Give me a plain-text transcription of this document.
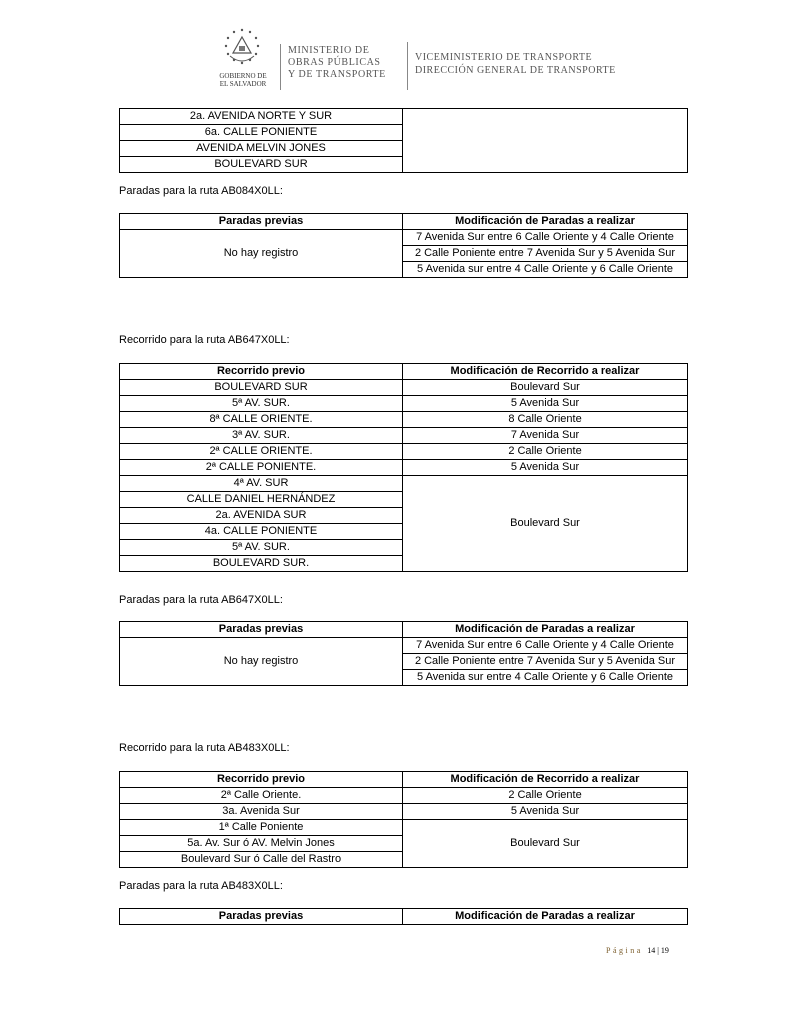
GOBIERNO DE
EL SALVADOR
MINISTERIO DE
OBRAS PÚBLICAS
Y DE TRANSPORTE
VICEMINISTERIO DE TRANSPORTE
DIRECCIÓN GENERAL DE TRANSPORTE
2a. AVENIDA NORTE Y SUR	
6a. CALLE PONIENTE
AVENIDA MELVIN JONES
BOULEVARD SUR
Paradas para la ruta AB084X0LL:
Paradas previas	Modificación de Paradas a realizar
No hay registro	7 Avenida Sur entre 6 Calle Oriente y 4 Calle Oriente
	2 Calle Poniente entre 7 Avenida Sur y 5 Avenida Sur
	5 Avenida sur entre 4 Calle Oriente y 6 Calle Oriente
Recorrido para la ruta AB647X0LL:
Recorrido previo	Modificación de Recorrido a realizar
BOULEVARD SUR	Boulevard Sur
5ª AV. SUR.	5 Avenida Sur
8ª CALLE ORIENTE.	8 Calle Oriente
3ª AV. SUR.	7 Avenida Sur
2ª CALLE ORIENTE.	2 Calle Oriente
2ª CALLE PONIENTE.	5 Avenida Sur
4ª AV. SUR	Boulevard Sur
CALLE DANIEL HERNÁNDEZ	
2a. AVENIDA SUR	
4a. CALLE PONIENTE	
5ª AV. SUR.	
BOULEVARD SUR.	
Paradas para la ruta AB647X0LL:
Paradas previas	Modificación de Paradas a realizar
No hay registro	7 Avenida Sur entre 6 Calle Oriente y 4 Calle Oriente
	2 Calle Poniente entre 7 Avenida Sur y 5 Avenida Sur
	5 Avenida sur entre 4 Calle Oriente y 6 Calle Oriente
Recorrido para la ruta AB483X0LL:
Recorrido previo	Modificación de Recorrido a realizar
2ª Calle Oriente.	2 Calle Oriente
3a. Avenida Sur	5 Avenida Sur
1ª Calle Poniente	Boulevard Sur
5a. Av. Sur ó AV. Melvin Jones	
Boulevard Sur ó Calle del Rastro	
Paradas para la ruta AB483X0LL:
Paradas previas	Modificación de Paradas a realizar
Página 14 | 19
